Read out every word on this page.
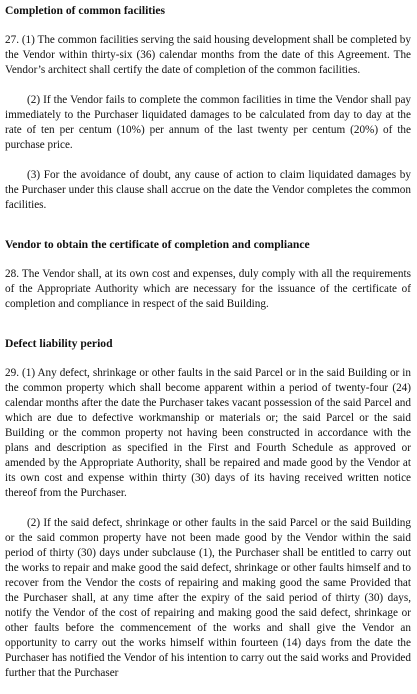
Completion of common facilities

27. (1) The common facilities serving the said housing development shall be completed by the Vendor within thirty-six (36) calendar months from the date of this Agreement. The Vendor’s architect shall certify the date of completion of the common facilities.

(2) If the Vendor fails to complete the common facilities in time the Vendor shall pay immediately to the Purchaser liquidated damages to be calculated from day to day at the rate of ten per centum (10%) per annum of the last twenty per centum (20%) of the purchase price.

(3) For the avoidance of doubt, any cause of action to claim liquidated damages by the Purchaser under this clause shall accrue on the date the Vendor completes the common facilities.

Vendor to obtain the certificate of completion and compliance

28. The Vendor shall, at its own cost and expenses, duly comply with all the requirements of the Appropriate Authority which are necessary for the issuance of the certificate of completion and compliance in respect of the said Building.

Defect liability period

29. (1) Any defect, shrinkage or other faults in the said Parcel or in the said Building or in the common property which shall become apparent within a period of twenty-four (24) calendar months after the date the Purchaser takes vacant possession of the said Parcel and which are due to defective workmanship or materials or; the said Parcel or the said Building or the common property not having been constructed in accordance with the plans and description as specified in the First and Fourth Schedule as approved or amended by the Appropriate Authority, shall be repaired and made good by the Vendor at its own cost and expense within thirty (30) days of its having received written notice thereof from the Purchaser.

(2) If the said defect, shrinkage or other faults in the said Parcel or the said Building or the said common property have not been made good by the Vendor within the said period of thirty (30) days under subclause (1), the Purchaser shall be entitled to carry out the works to repair and make good the said defect, shrinkage or other faults himself and to recover from the Vendor the costs of repairing and making good the same Provided that the Purchaser shall, at any time after the expiry of the said period of thirty (30) days, notify the Vendor of the cost of repairing and making good the said defect, shrinkage or other faults before the commencement of the works and shall give the Vendor an opportunity to carry out the works himself within fourteen (14) days from the date the Purchaser has notified the Vendor of his intention to carry out the said works and Provided further that the Purchaser
